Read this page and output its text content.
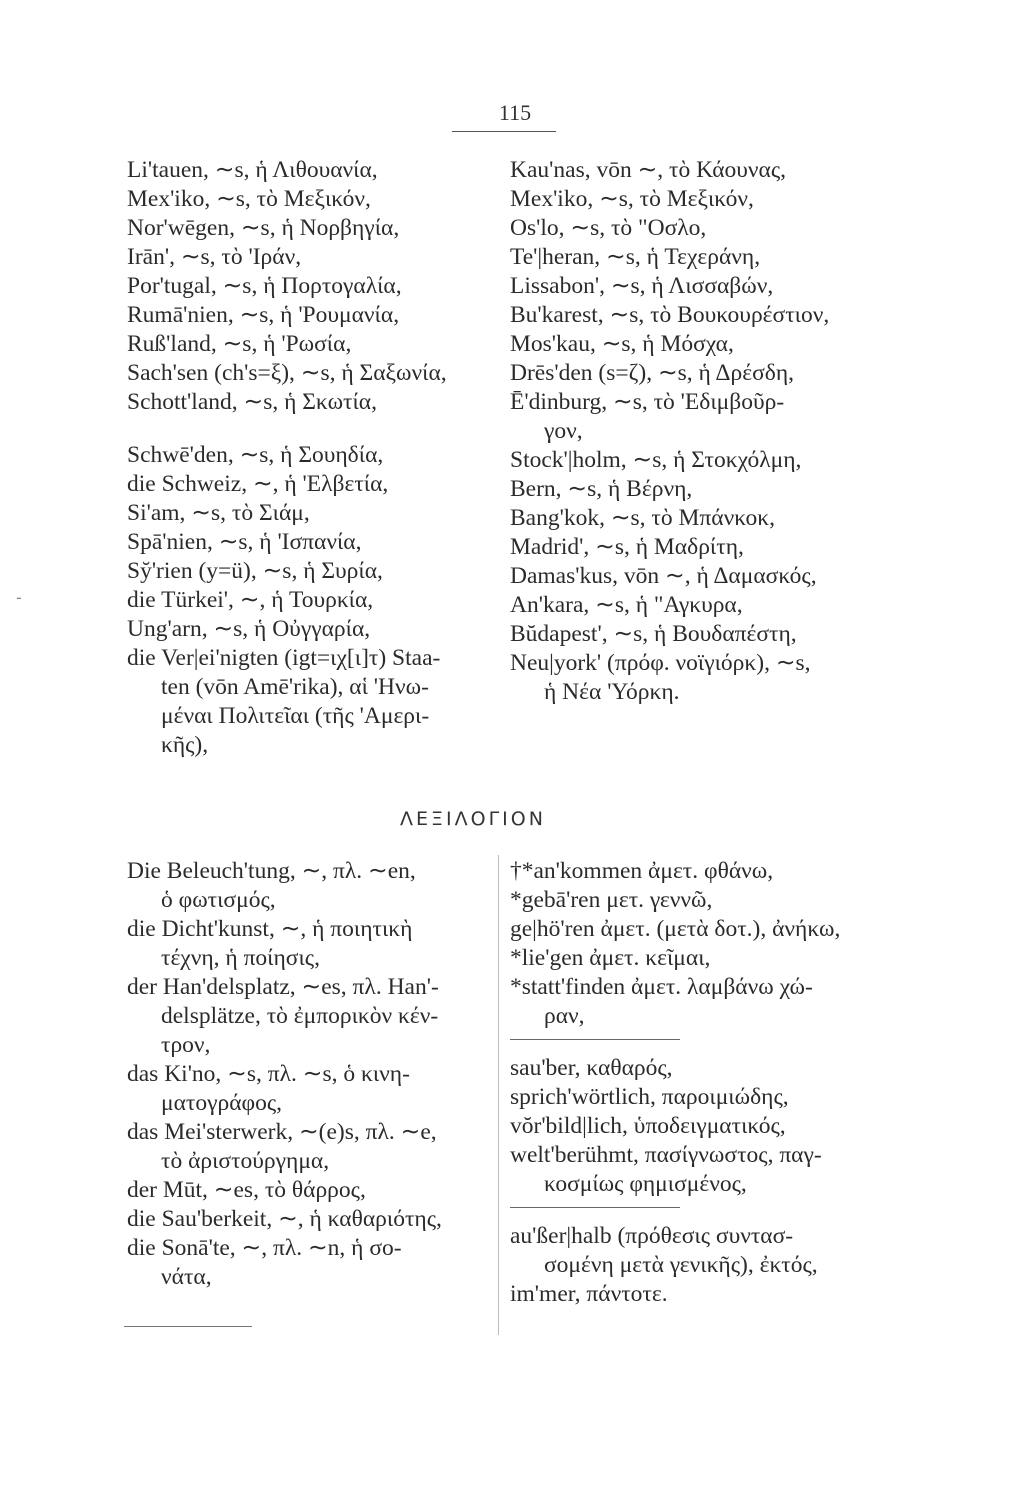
115
-
Li'tauen, ∼s, ἡ Λιθουανία,
Mex'iko, ∼s, τὸ Μεξικόν,
Nor'wēgen, ∼s, ἡ Νορβηγία,
Irān', ∼s, τὸ 'Ιράν,
Por'tugal, ∼s, ἡ Πορτογαλία,
Rumā'nien, ∼s, ἡ 'Ρουμανία,
Ruß'land, ∼s, ἡ 'Ρωσία,
Sach'sen (ch's=ξ), ∼s, ἡ Σαξωνία,
Schott'land, ∼s, ἡ Σκωτία,
Schwē'den, ∼s, ἡ Σουηδία,
die Schweiz, ∼, ἡ 'Ελβετία,
Si'am, ∼s, τὸ Σιάμ,
Spā'nien, ∼s, ἡ 'Ισπανία,
Sy̆'rien (y=ü), ∼s, ἡ Συρία,
die Türkei', ∼, ἡ Τουρκία,
Ung'arn, ∼s, ἡ Οὐγγαρία,
die Ver|ei'nigten (igt=ιχ[ι]τ) Staa-
ten (vōn Amē'rika), αἱ 'Ηνω-
μέναι Πολιτεῖαι (τῆς 'Αμερι-
κῆς),
Kau'nas, vōn ∼, τὸ Κάουνας,
Mex'iko, ∼s, τὸ Μεξικόν,
Os'lo, ∼s, τὸ "Οσλο,
Te'|heran, ∼s, ἡ Τεχεράνη,
Lissabon', ∼s, ἡ Λισσαβών,
Bu'karest, ∼s, τὸ Βουκουρέστιον,
Mos'kau, ∼s, ἡ Μόσχα,
Drēs'den (s=ζ), ∼s, ἡ Δρέσδη,
Ē'dinburg, ∼s, τὸ 'Εδιμβοῦρ-
γον,
Stock'|holm, ∼s, ἡ Στοκχόλμη,
Bern, ∼s, ἡ Βέρνη,
Bang'kok, ∼s, τὸ Μπάνκοκ,
Madrid', ∼s, ἡ Μαδρίτη,
Damas'kus, vōn ∼, ἡ Δαμασκός,
An'kara, ∼s, ἡ "Αγκυρα,
Bŭdapest', ∼s, ἡ Βουδαπέστη,
Neu|york' (πρόφ. νοϊγιόρκ), ∼s,
ἡ Νέα 'Υόρκη.
ΛΕΞΙΛΟΓΙΟΝ
Die Beleuch'tung, ∼, πλ. ∼en,
ὁ φωτισμός,
die Dicht'kunst, ∼, ἡ ποιητικὴ
τέχνη, ἡ ποίησις,
der Han'delsplatz, ∼es, πλ. Han'-
delsplätze, τὸ ἐμπορικὸν κέν-
τρον,
das Ki'no, ∼s, πλ. ∼s, ὁ κινη-
ματογράφος,
das Mei'sterwerk, ∼(e)s, πλ. ∼e,
τὸ ἀριστούργημα,
der Mūt, ∼es, τὸ θάρρος,
die Sau'berkeit, ∼, ἡ καθαριότης,
die Sonā'te, ∼, πλ. ∼n, ἡ σο-
νάτα,
†*an'kommen ἀμετ. φθάνω,
*gebā'ren μετ. γεννῶ,
ge|hö'ren ἀμετ. (μετὰ δοτ.), ἀνήκω,
*lie'gen ἀμετ. κεῖμαι,
*statt'finden ἀμετ. λαμβάνω χώ-
ραν,
sau'ber, καθαρός,
sprich'wörtlich, παροιμιώδης,
vŏr'bild|lich, ὑποδειγματικός,
welt'berühmt, πασίγνωστος, παγ-
κοσμίως φημισμένος,
au'ßer|halb (πρόθεσις συντασ-
σομένη μετὰ γενικῆς), ἐκτός,
im'mer, πάντοτε.
